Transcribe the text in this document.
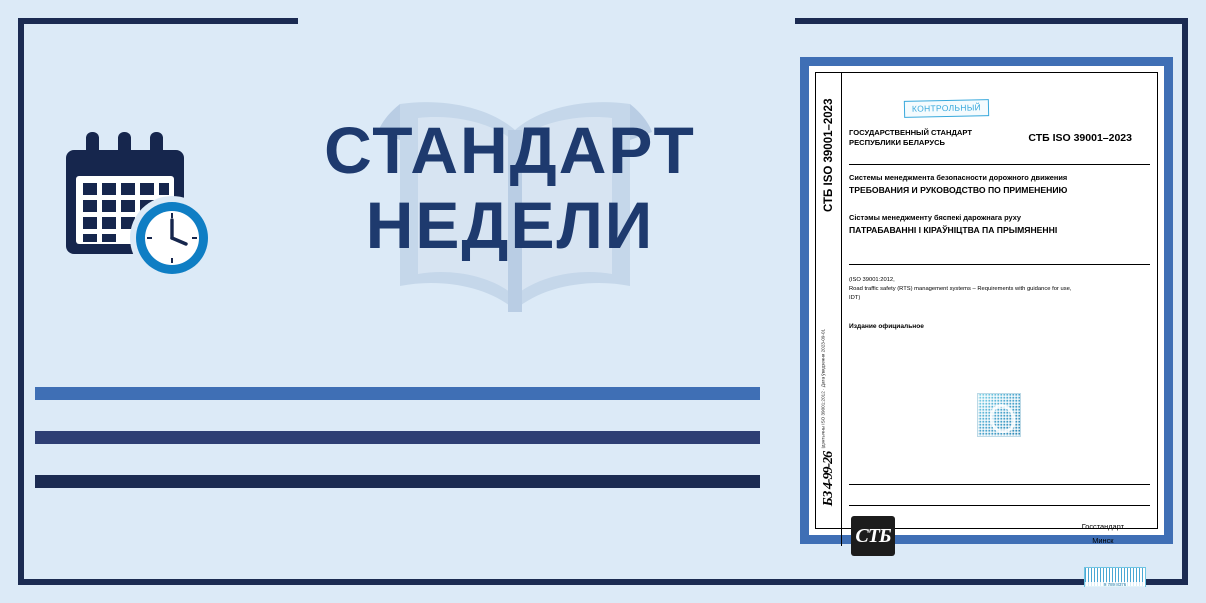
СТАНДАРТ
НЕДЕЛИ
СТБ ISO 39001–2023
Ідэнтычны ISO 39001:2012 · Дата ўвядзення 2023-09-01
БЗ 4-99-26
КОНТРОЛЬНЫЙ
ГОСУДАРСТВЕННЫЙ СТАНДАРТ
РЕСПУБЛИКИ БЕЛАРУСЬ	СТБ ISO 39001–2023
Системы менеджмента безопасности дорожного движения
ТРЕБОВАНИЯ И РУКОВОДСТВО ПО ПРИМЕНЕНИЮ
Сістэмы менеджменту бяспекі дарожнага руху
ПАТРАБАВАННІ І КІРАЎНІЦТВА ПА ПРЫМЯНЕННІ
(ISO 39001:2012,
Road traffic safety (RTS) management systems – Requirements with guidance for use,
IDT)
Издание официальное
СТБ	Госстандарт
Минск
9 789 8376
